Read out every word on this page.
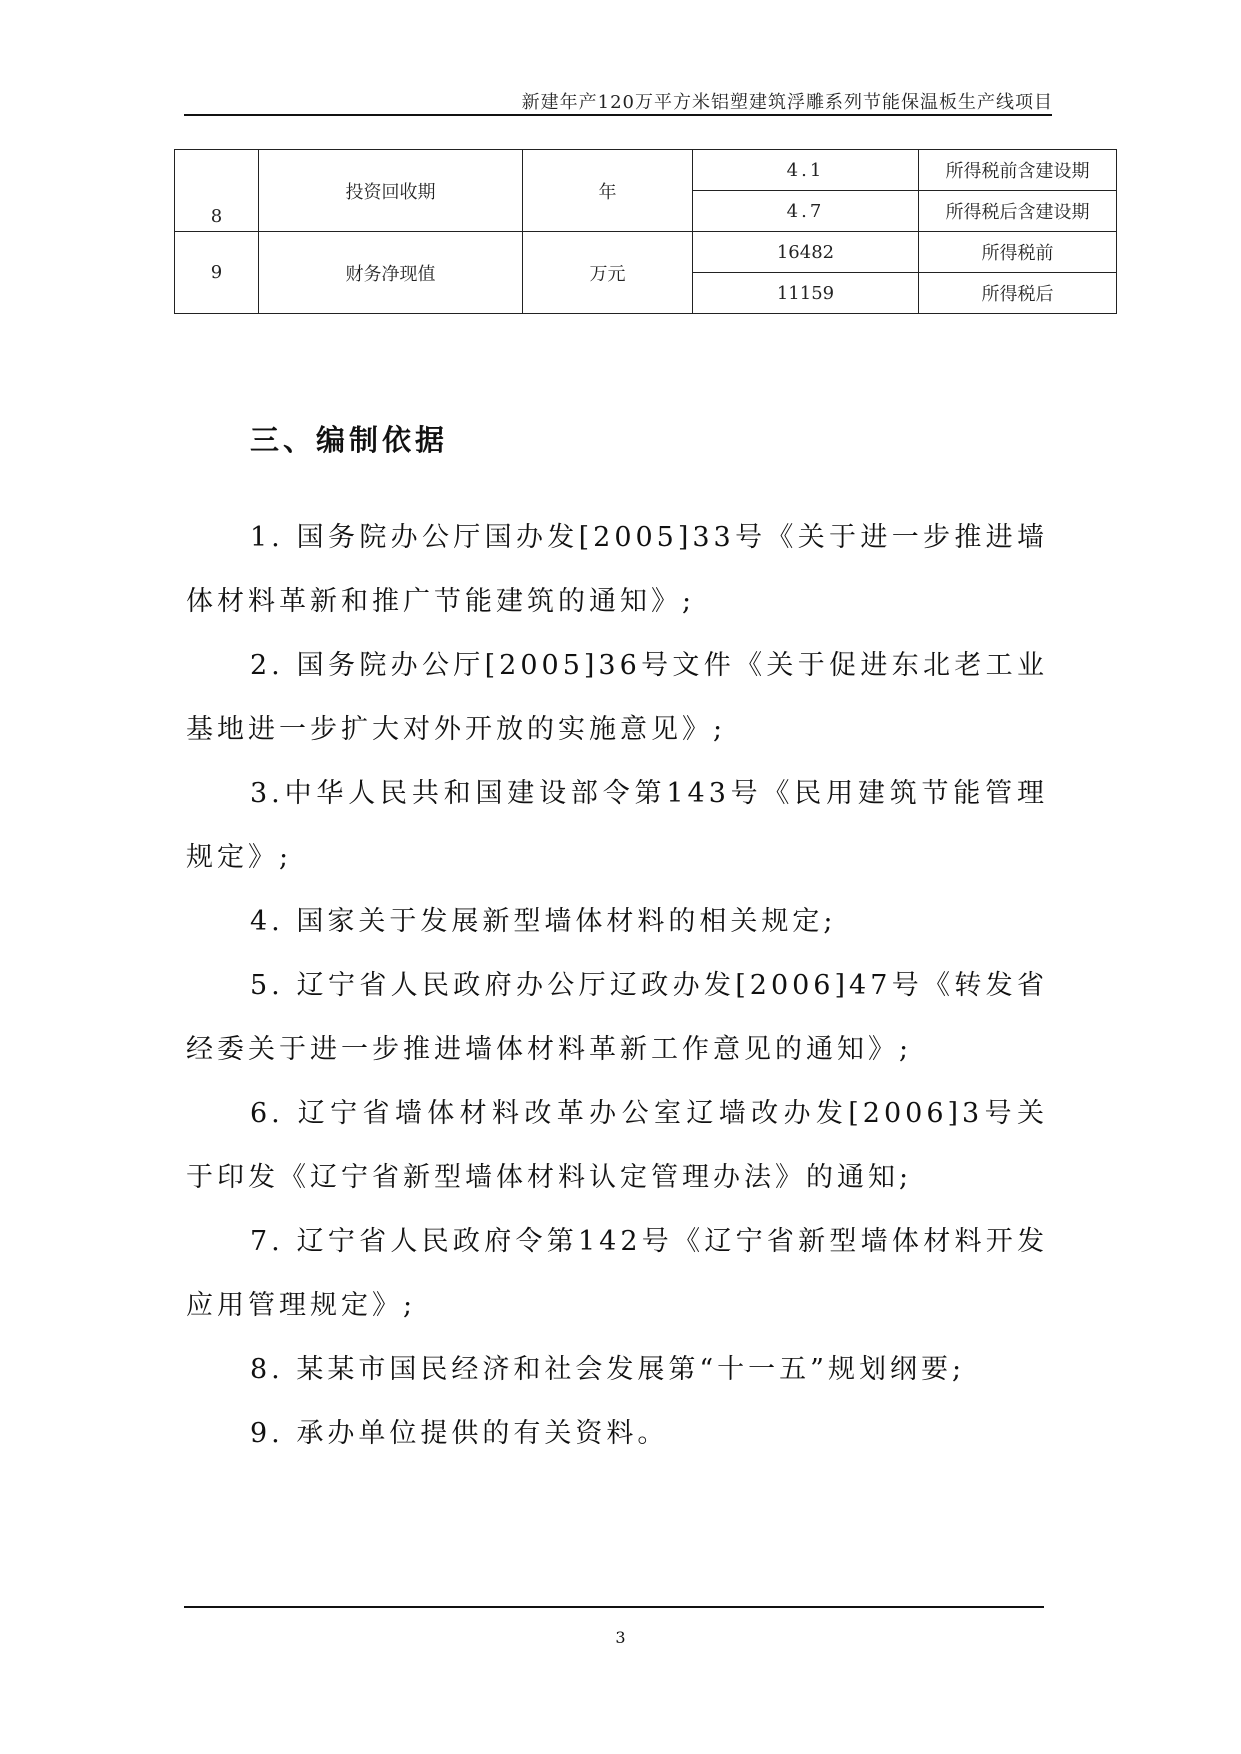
新建年产120万平方米铝塑建筑浮雕系列节能保温板生产线项目
8	投资回收期	年	4.1	所得税前含建设期
			4.7	所得税后含建设期
9	财务净现值	万元	16482	所得税前
			11159	所得税后
三、编制依据

1. 国务院办公厅国办发[2005]33号《关于进一步推进墙体材料革新和推广节能建筑的通知》;

2. 国务院办公厅[2005]36号文件《关于促进东北老工业基地进一步扩大对外开放的实施意见》;

3.中华人民共和国建设部令第143号《民用建筑节能管理规定》;

4. 国家关于发展新型墙体材料的相关规定;

5. 辽宁省人民政府办公厅辽政办发[2006]47号《转发省经委关于进一步推进墙体材料革新工作意见的通知》;

6. 辽宁省墙体材料改革办公室辽墙改办发[2006]3号关于印发《辽宁省新型墙体材料认定管理办法》的通知;

7. 辽宁省人民政府令第142号《辽宁省新型墙体材料开发应用管理规定》;

8. 某某市国民经济和社会发展第“十一五”规划纲要;

9. 承办单位提供的有关资料。

3
